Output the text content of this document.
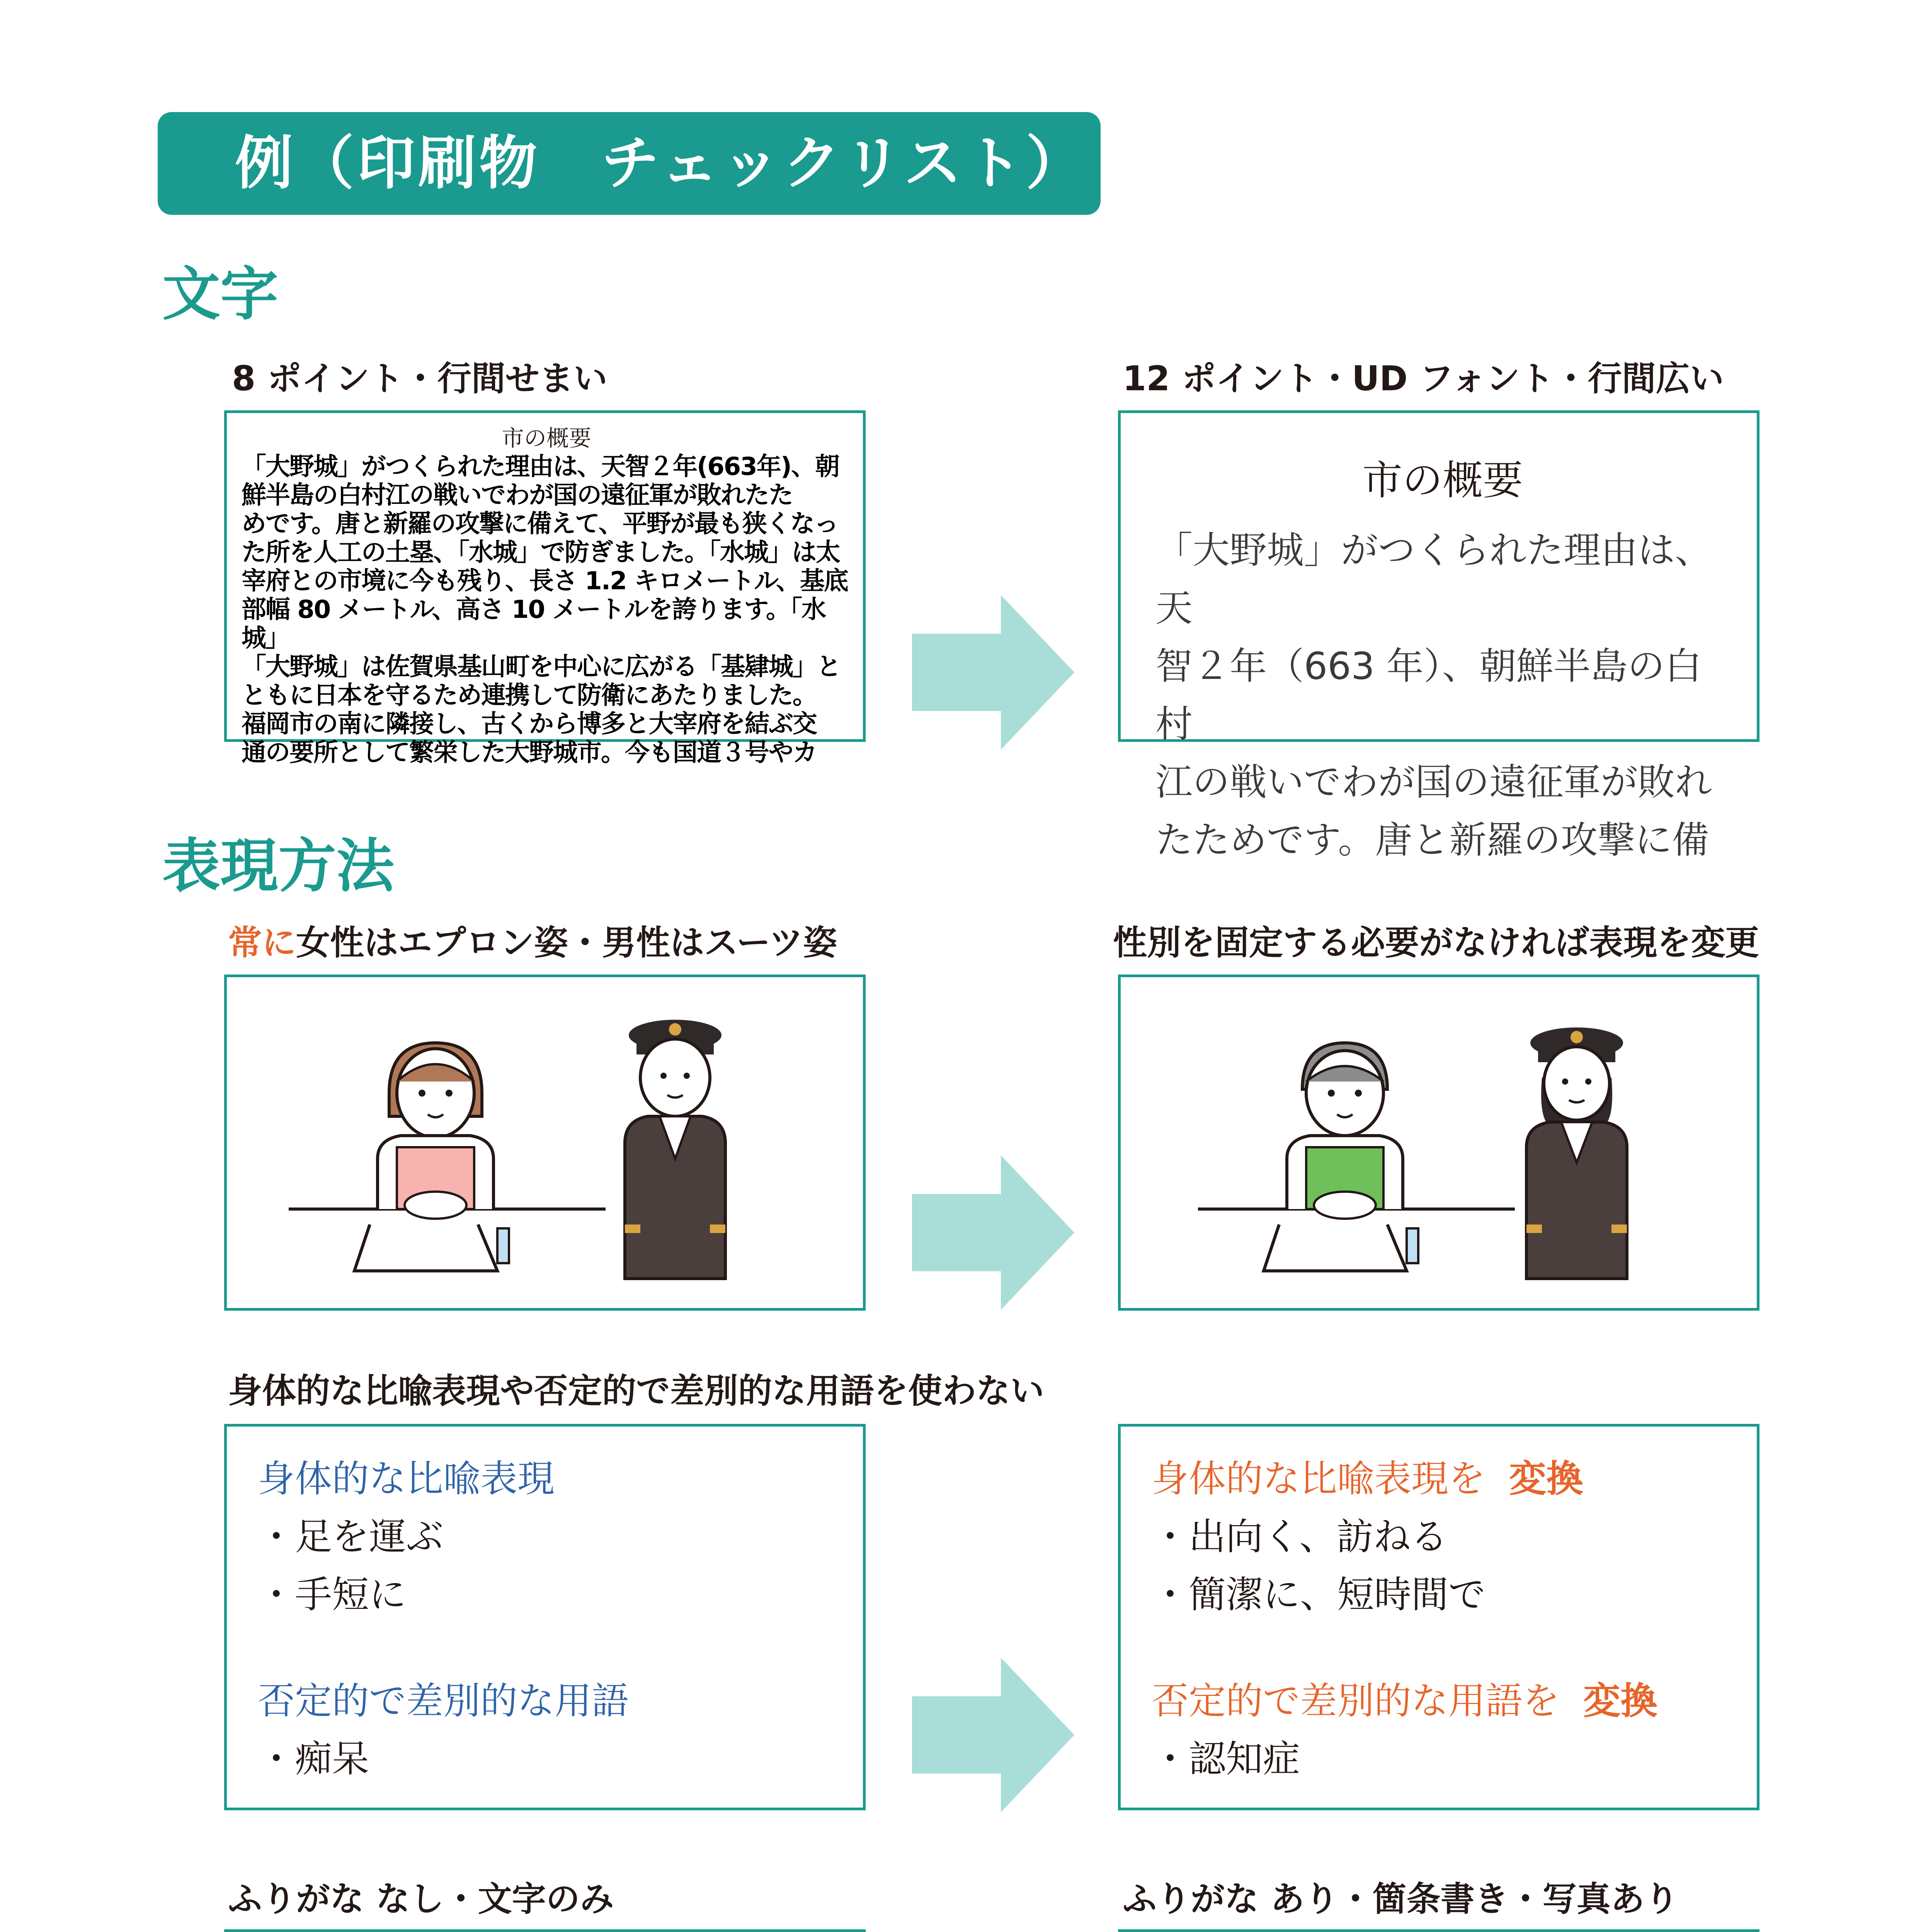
例（印刷物　チェックリスト）
文字
8 ポイント・行間せまい	12 ポイント・UD フォント・行間広い
市の概要
「大野城」がつくられた理由は、天智２年(663年)、朝
鮮半島の白村江の戦いでわが国の遠征軍が敗れたた
めです。唐と新羅の攻撃に備えて、平野が最も狭くなっ
た所を人工の土塁、「水城」で防ぎました。「水城」は太
宰府との市境に今も残り、長さ 1.2 キロメートル、基底
部幅 80 メートル、高さ 10 メートルを誇ります。「水城」
「大野城」は佐賀県基山町を中心に広がる「基肄城」と
ともに日本を守るため連携して防衛にあたりました。
福岡市の南に隣接し、古くから博多と大宰府を結ぶ交
通の要所として繁栄した大野城市。今も国道３号やカ
市の概要
「大野城」がつくられた理由は、天
智２年（663 年）、朝鮮半島の白村
江の戦いでわが国の遠征軍が敗れ
たためです。唐と新羅の攻撃に備
表現方法
常に女性はエプロン姿・男性はスーツ姿	性別を固定する必要がなければ表現を変更
身体的な比喩表現や否定的で差別的な用語を使わない
身体的な比喩表現
・足を運ぶ
・手短に
否定的で差別的な用語
・痴呆
身体的な比喩表現を 変換
・出向く、訪ねる
・簡潔に、短時間で
否定的で差別的な用語を 変換
・認知症
ふりがな なし・文字のみ	ふりがな あり・箇条書き・写真あり
